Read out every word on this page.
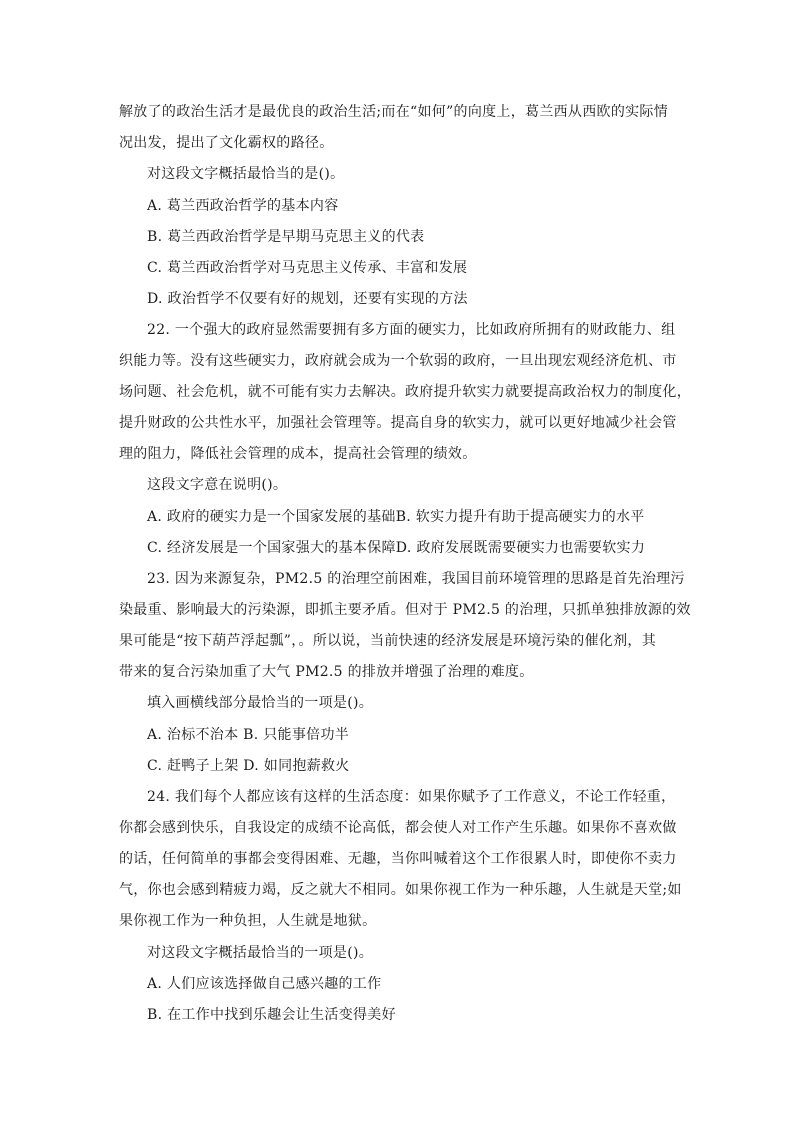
解放了的政治生活才是最优良的政治生活;而在“如何”的向度上，葛兰西从西欧的实际情
况出发，提出了文化霸权的路径。
对这段文字概括最恰当的是()。
A. 葛兰西政治哲学的基本内容
B. 葛兰西政治哲学是早期马克思主义的代表
C. 葛兰西政治哲学对马克思主义传承、丰富和发展
D. 政治哲学不仅要有好的规划，还要有实现的方法
22. 一个强大的政府显然需要拥有多方面的硬实力，比如政府所拥有的财政能力、组
织能力等。没有这些硬实力，政府就会成为一个软弱的政府，一旦出现宏观经济危机、市
场问题、社会危机，就不可能有实力去解决。政府提升软实力就要提高政治权力的制度化，
提升财政的公共性水平，加强社会管理等。提高自身的软实力，就可以更好地减少社会管
理的阻力，降低社会管理的成本，提高社会管理的绩效。
这段文字意在说明()。
A. 政府的硬实力是一个国家发展的基础B. 软实力提升有助于提高硬实力的水平
C. 经济发展是一个国家强大的基本保障D. 政府发展既需要硬实力也需要软实力
23. 因为来源复杂，PM2.5 的治理空前困难，我国目前环境管理的思路是首先治理污
染最重、影响最大的污染源，即抓主要矛盾。但对于 PM2.5 的治理，只抓单独排放源的效
果可能是“按下葫芦浮起瓢”，。所以说，当前快速的经济发展是环境污染的催化剂，其
带来的复合污染加重了大气 PM2.5 的排放并增强了治理的难度。
填入画横线部分最恰当的一项是()。
A. 治标不治本 B. 只能事倍功半
C. 赶鸭子上架 D. 如同抱薪救火
24. 我们每个人都应该有这样的生活态度：如果你赋予了工作意义，不论工作轻重，
你都会感到快乐，自我设定的成绩不论高低，都会使人对工作产生乐趣。如果你不喜欢做
的话，任何简单的事都会变得困难、无趣，当你叫喊着这个工作很累人时，即使你不卖力
气，你也会感到精疲力竭，反之就大不相同。如果你视工作为一种乐趣，人生就是天堂;如
果你视工作为一种负担，人生就是地狱。
对这段文字概括最恰当的一项是()。
A. 人们应该选择做自己感兴趣的工作
B. 在工作中找到乐趣会让生活变得美好
